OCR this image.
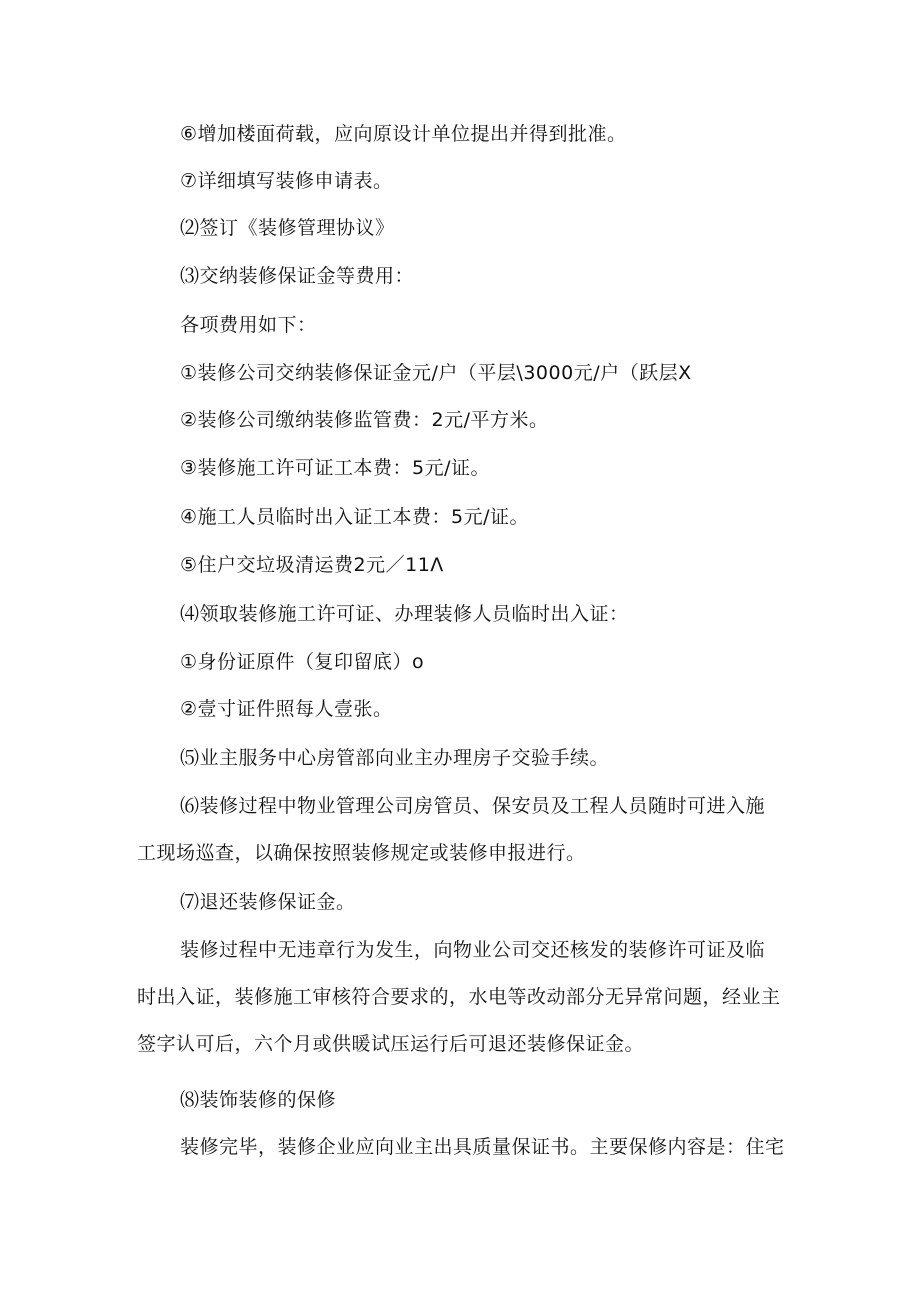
⑥增加楼面荷载，应向原设计单位提出并得到批准。
⑦详细填写装修申请表。
⑵签订《装修管理协议》
⑶交纳装修保证金等费用：
各项费用如下：
①装修公司交纳装修保证金元/户（平层\3000元/户（跃层X
②装修公司缴纳装修监管费：2元/平方米。
③装修施工许可证工本费：5元/证。
④施工人员临时出入证工本费：5元/证。
⑤住户交垃圾清运费2元／11Λ
⑷领取装修施工许可证、办理装修人员临时出入证：
①身份证原件（复印留底）o
②壹寸证件照每人壹张。
⑸业主服务中心房管部向业主办理房子交验手续。
⑹装修过程中物业管理公司房管员、保安员及工程人员随时可进入施
工现场巡查，以确保按照装修规定或装修申报进行。
⑺退还装修保证金。
装修过程中无违章行为发生，向物业公司交还核发的装修许可证及临
时出入证，装修施工审核符合要求的，水电等改动部分无异常问题，经业主
签字认可后，六个月或供暖试压运行后可退还装修保证金。
⑻装饰装修的保修
装修完毕，装修企业应向业主出具质量保证书。主要保修内容是：住宅
